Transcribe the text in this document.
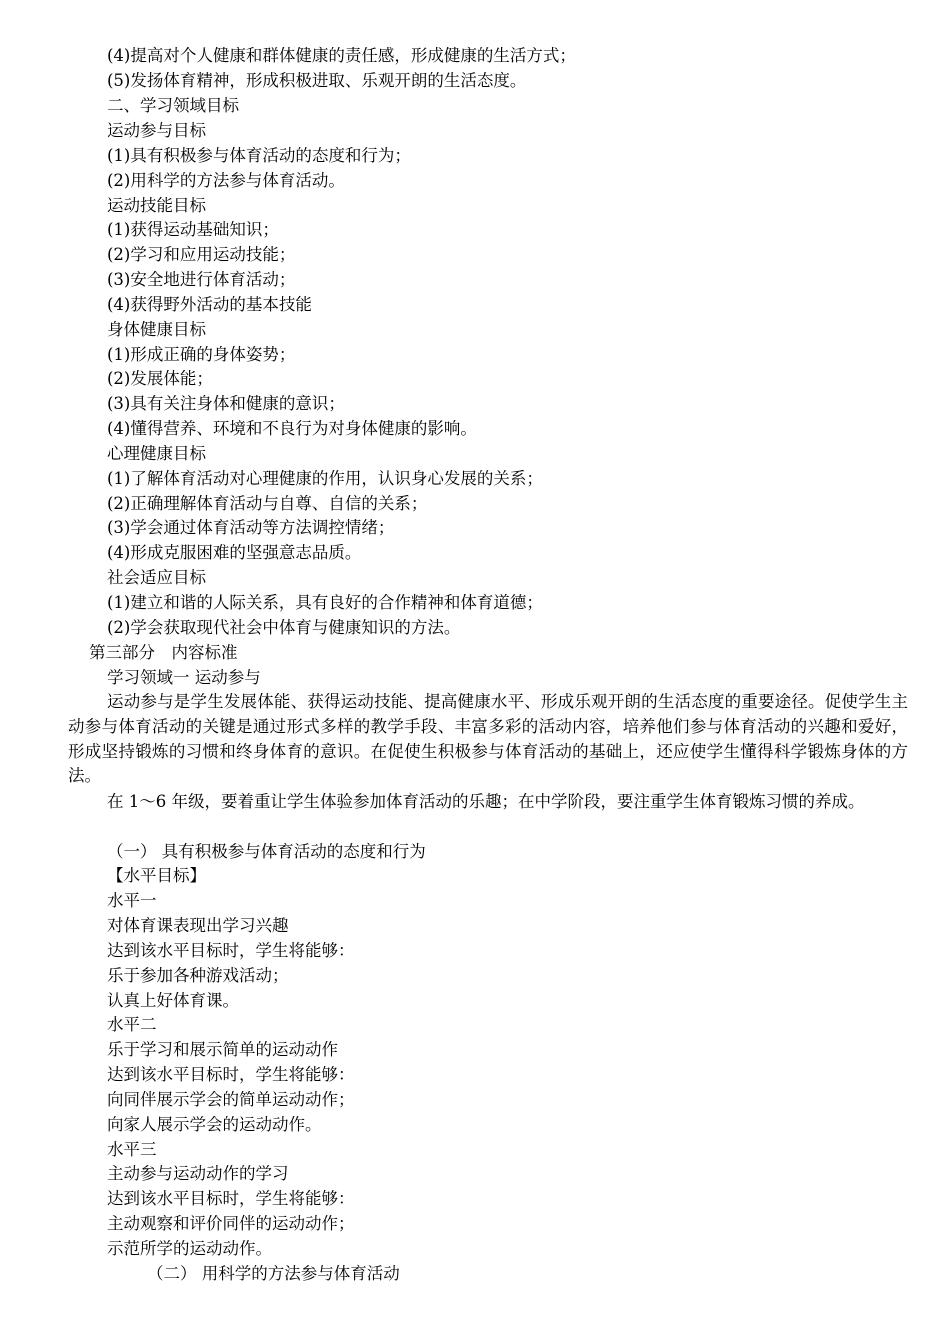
(4)提高对个人健康和群体健康的责任感，形成健康的生活方式；
(5)发扬体育精神，形成积极进取、乐观开朗的生活态度。
二、学习领域目标
运动参与目标
(1)具有积极参与体育活动的态度和行为；
(2)用科学的方法参与体育活动。
运动技能目标
(1)获得运动基础知识；
(2)学习和应用运动技能；
(3)安全地进行体育活动；
(4)获得野外活动的基本技能
身体健康目标
(1)形成正确的身体姿势；
(2)发展体能；
(3)具有关注身体和健康的意识；
(4)懂得营养、环境和不良行为对身体健康的影响。
心理健康目标
(1)了解体育活动对心理健康的作用，认识身心发展的关系；
(2)正确理解体育活动与自尊、自信的关系；
(3)学会通过体育活动等方法调控情绪；
(4)形成克服困难的坚强意志品质。
社会适应目标
(1)建立和谐的人际关系，具有良好的合作精神和体育道德；
(2)学会获取现代社会中体育与健康知识的方法。
第三部分　内容标准
学习领域一 运动参与
运动参与是学生发展体能、获得运动技能、提高健康水平、形成乐观开朗的生活态度的重要途径。促使学生主动参与体育活动的关键是通过形式多样的教学手段、丰富多彩的活动内容，培养他们参与体育活动的兴趣和爱好，形成坚持锻炼的习惯和终身体育的意识。在促使生积极参与体育活动的基础上，还应使学生懂得科学锻炼身体的方法。
在 1～6 年级，要着重让学生体验参加体育活动的乐趣；在中学阶段，要注重学生体育锻炼习惯的养成。
（一） 具有积极参与体育活动的态度和行为
【水平目标】
水平一
对体育课表现出学习兴趣
达到该水平目标时，学生将能够：
乐于参加各种游戏活动；
认真上好体育课。
水平二
乐于学习和展示简单的运动动作
达到该水平目标时，学生将能够：
向同伴展示学会的简单运动动作；
向家人展示学会的运动动作。
水平三
主动参与运动动作的学习
达到该水平目标时，学生将能够：
主动观察和评价同伴的运动动作；
示范所学的运动动作。
（二） 用科学的方法参与体育活动
